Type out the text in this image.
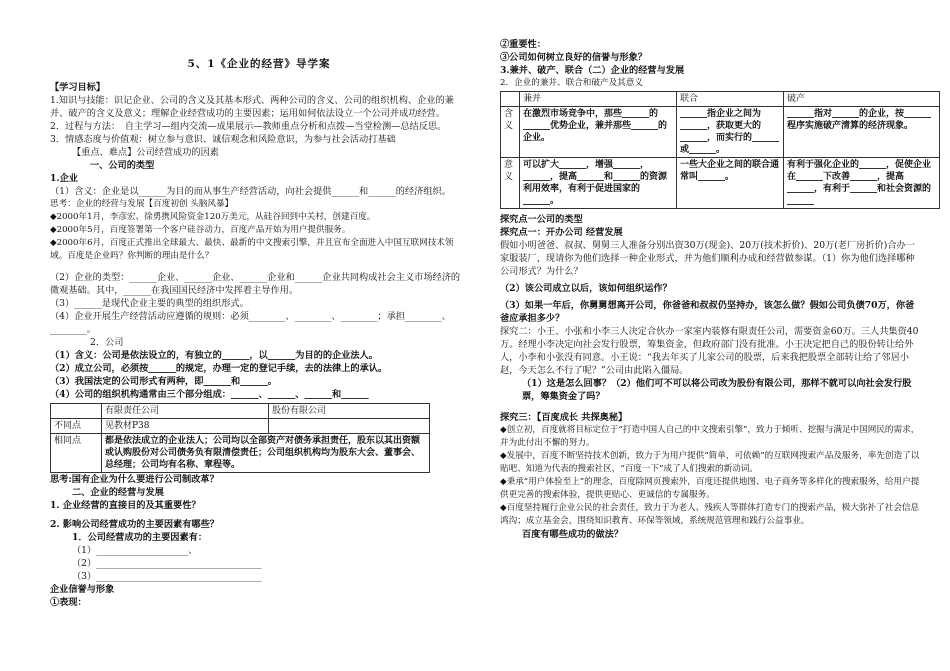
5、1《企业的经营》导学案

【学习目标】

1.知识与技能：识记企业、公司的含义及其基本形式、两种公司的含义、公司的组织机构、企业的兼并、破产的含义及意义；理解企业经营成功的主要因素；运用如何依法设立一个公司并成功经营。

2．过程与方法：　自主学习—组内交流—成果展示—教师重点分析和点拨—当堂检测—总结反思。

3．情感态度与价值观：树立参与意识、诚信观念和风险意识，为参与社会活动打基础

【重点、难点】公司经营成功的因素

一、公司的类型

1.企业

（1）含义：企业是以______为目的而从事生产经营活动，向社会提供______和______的经济组织。

思考：企业的经营与发展【百度初创 头脑风暴】

◆2000年1月，李彦宏、徐勇携风险资金120万美元，从硅谷回到中关村，创建百度。

◆2000年5月，百度签署第一个客户硅谷动力，百度产品开始为用户提供服务。

◆2000年6月，百度正式推出全球最大、最快、最新的中文搜索引擎，并且宣布全面进入中国互联网技术领域。百度是企业吗？你判断的理由是什么？

（2）企业的类型：______企业、______企业、______企业和______企业共同构成社会主义市场经济的微观基础。其中，______在我国国民经济中发挥着主导作用。

（3）______是现代企业主要的典型的组织形式。

（4）企业开展生产经营活动应遵循的规则：必须________、________、________；承担________、________。

2．公司

（1）含义：公司是依法设立的，有独立的______，以______为目的的企业法人。

（2）成立公司，必须按______的规定，办理一定的登记手续，去的法律上的承认。

（3）我国法定的公司形式有两种，即______和______。

（4）公司的组织机构通常由三个部分组成：______、______、______和______

	有限责任公司	股份有限公司
不同点	见教材P38	
相同点	都是依法成立的企业法人；公司均以全部资产对债务承担责任，股东以其出资额或认购股份对公司债务负有限清偿责任；公司组织机构均为股东大会、董事会、总经理；公司均有名称、章程等。	

思考:国有企业为什么要进行公司制改革？

二、企业的经营与发展

1. 企业经营的直接目的及其重要性？

2. 影响公司经营成功的主要因素有哪些？

1．公司经营成功的主要因素有：

（1）____________________、

（2）____________________________________

（3）____________________________________

企业信誉与形象

①表现：

②重要性：

③公司如何树立良好的信誉与形象？

3.兼并、破产、联合（二）企业的经营与发展

2．企业的兼并、联合和破产及其意义

	兼并	联合	破产
含义	在激烈市场竞争中，那些______的______优势企业，兼并那些______的企业。	______指企业之间为______，获取更大的______，而实行的______或______。	______指对______的企业，按______程序实施破产清算的经济现象。
意义	可以扩大______，增强______，______，提高______和______的资源利用效率，有利于促进国家的______。	一些大企业之间的联合通常叫______。	有利于强化企业的______，促使企业在______下改善______，提高______，有利于______和社会资源的______

探究点一公司的类型

探究点一：开办公司 经营发展

假如小明爸爸、叔叔、舅舅三人准备分别出资30万(现金)、20万(技术折价)、20万(老厂房折价)合办一家服装厂，现请你为他们选择一种企业形式，并为他们顺利办成和经营做参谋。（1）你为他们选择哪种公司形式？为什么？

（2）该公司成立以后，该如何组织运作？

（3）如果一年后，你舅舅想离开公司，你爸爸和叔叔仍坚持办，该怎么做？假如公司负债70万，你爸爸应承担多少？

探究二：小王、小张和小李三人决定合伙办一家室内装修有限责任公司，需要资金60万。三人共集资40万。经理小李决定向社会发行股票，筹集资金，但政府部门没有批准。小王决定把自己的股份转让给外人，小李和小张没有同意。小王说：“我去年买了儿家公司的股票，后来我把股票全部转让给了邻居小赵，今天怎么不行了呢？”公司由此陷入僵局。

（1）这是怎么回事？（2）他们可不可以将公司改为股份有限公司，那样不就可以向社会发行股票，筹集资金了吗？

探究三：【百度成长 共探奥秘】

◆创立初，百度就将目标定位于“打造中国人自己的中文搜索引擎”，致力于倾听、挖掘与满足中国网民的需求，并为此付出不懈的努力。

◆发展中，百度不断坚持技术创新，致力于为用户提供“简单，可依赖”的互联网搜索产品及服务，率先创造了以贴吧、知道为代表的搜索社区，“百度一下”成了人们搜索的新动词。

◆秉承“用户体验至上”的理念，百度除网页搜索外，百度还提供地图、电子商务等多样化的搜索服务，给用户提供更完善的搜索体验，提供更贴心、更诚信的专属服务。

◆百度坚持履行企业公民的社会责任，致力于为老人、残疾人等群体打造专门的搜索产品，极大弥补了社会信息鸿沟；成立基金会，围绕知识教育、环保等领域，系统规范管理和践行公益事业。

百度有哪些成功的做法？
